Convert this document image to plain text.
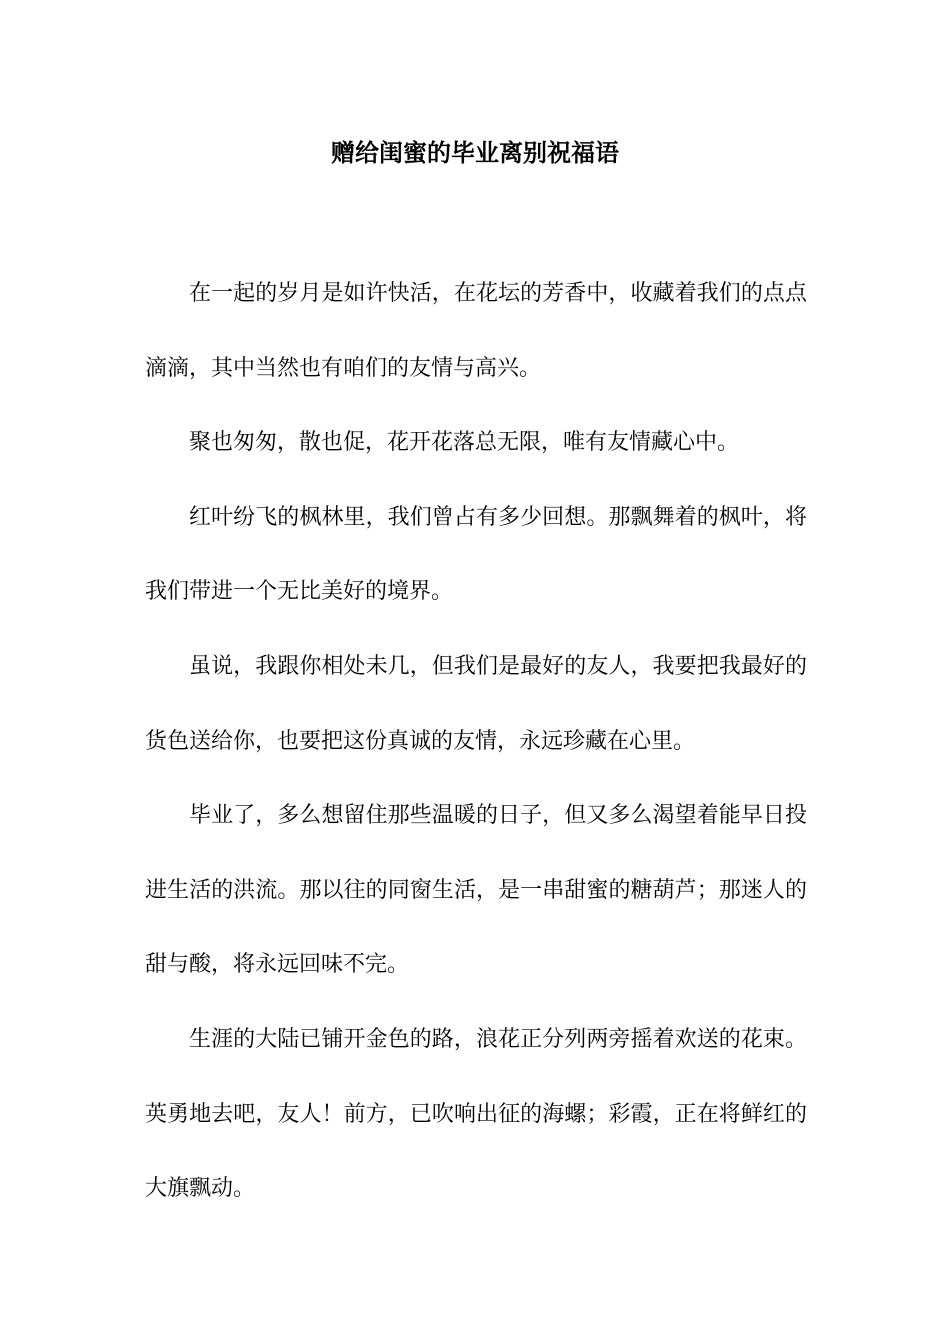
赠给闺蜜的毕业离别祝福语

在一起的岁月是如许快活，在花坛的芳香中，收藏着我们的点点滴滴，其中当然也有咱们的友情与高兴。

聚也匆匆，散也促，花开花落总无限，唯有友情藏心中。

红叶纷飞的枫林里，我们曾占有多少回想。那飘舞着的枫叶，将我们带进一个无比美好的境界。

虽说，我跟你相处未几，但我们是最好的友人，我要把我最好的货色送给你，也要把这份真诚的友情，永远珍藏在心里。

毕业了，多么想留住那些温暖的日子，但又多么渴望着能早日投进生活的洪流。那以往的同窗生活，是一串甜蜜的糖葫芦；那迷人的甜与酸，将永远回味不完。

生涯的大陆已铺开金色的路，浪花正分列两旁摇着欢送的花束。英勇地去吧，友人！前方，已吹响出征的海螺；彩霞，正在将鲜红的大旗飘动。
